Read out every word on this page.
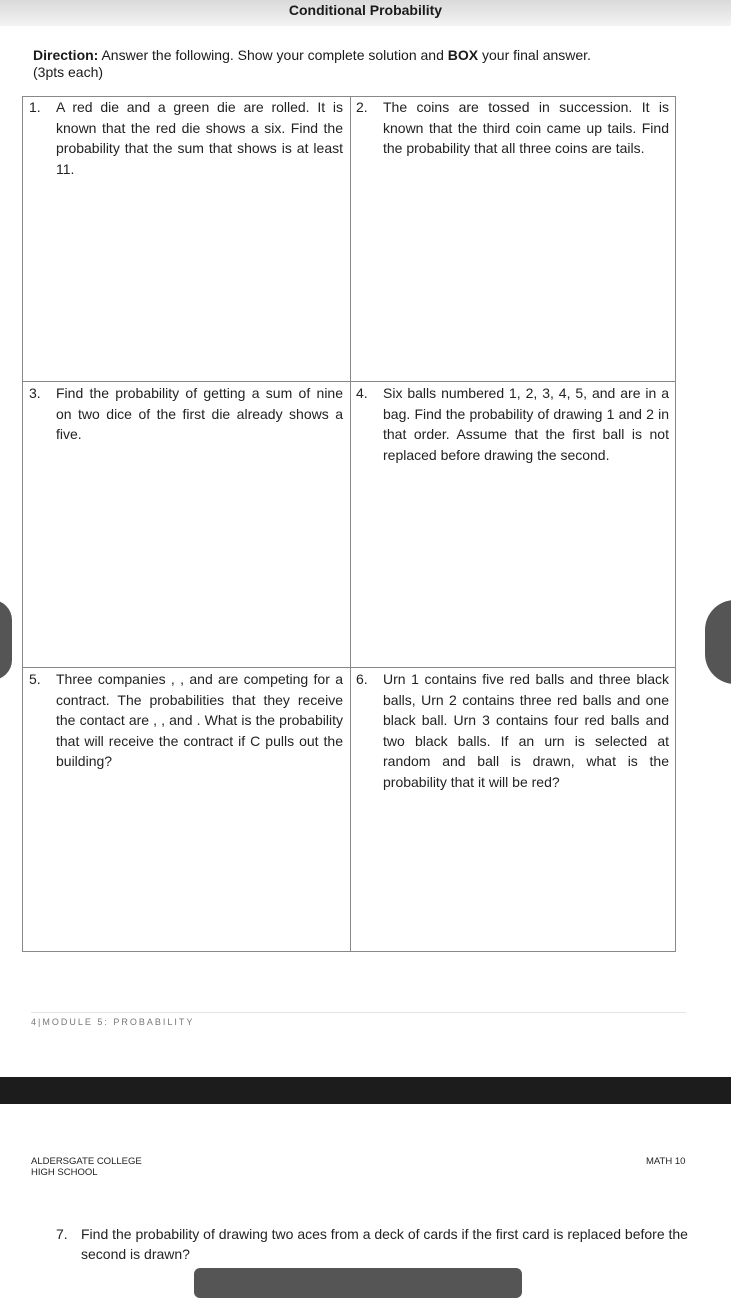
Conditional Probability
Direction: Answer the following. Show your complete solution and BOX your final answer.
(3pts each)
1. A red die and a green die are rolled. It is known that the red die shows a six. Find the probability that the sum that shows is at least 11.
2. The coins are tossed in succession. It is known that the third coin came up tails. Find the probability that all three coins are tails.
3. Find the probability of getting a sum of nine on two dice of the first die already shows a five.
4. Six balls numbered 1, 2, 3, 4, 5, and are in a bag. Find the probability of drawing 1 and 2 in that order. Assume that the first ball is not replaced before drawing the second.
5. Three companies , , and are competing for a contract. The probabilities that they receive the contact are , , and . What is the probability that will receive the contract if C pulls out the building?
6. Urn 1 contains five red balls and three black balls, Urn 2 contains three red balls and one black ball. Urn 3 contains four red balls and two black balls. If an urn is selected at random and ball is drawn, what is the probability that it will be red?
4|MODULE 5: PROBABILITY
ALDERSGATE COLLEGE
HIGH SCHOOL
MATH 10
7. Find the probability of drawing two aces from a deck of cards if the first card is replaced before the second is drawn?
